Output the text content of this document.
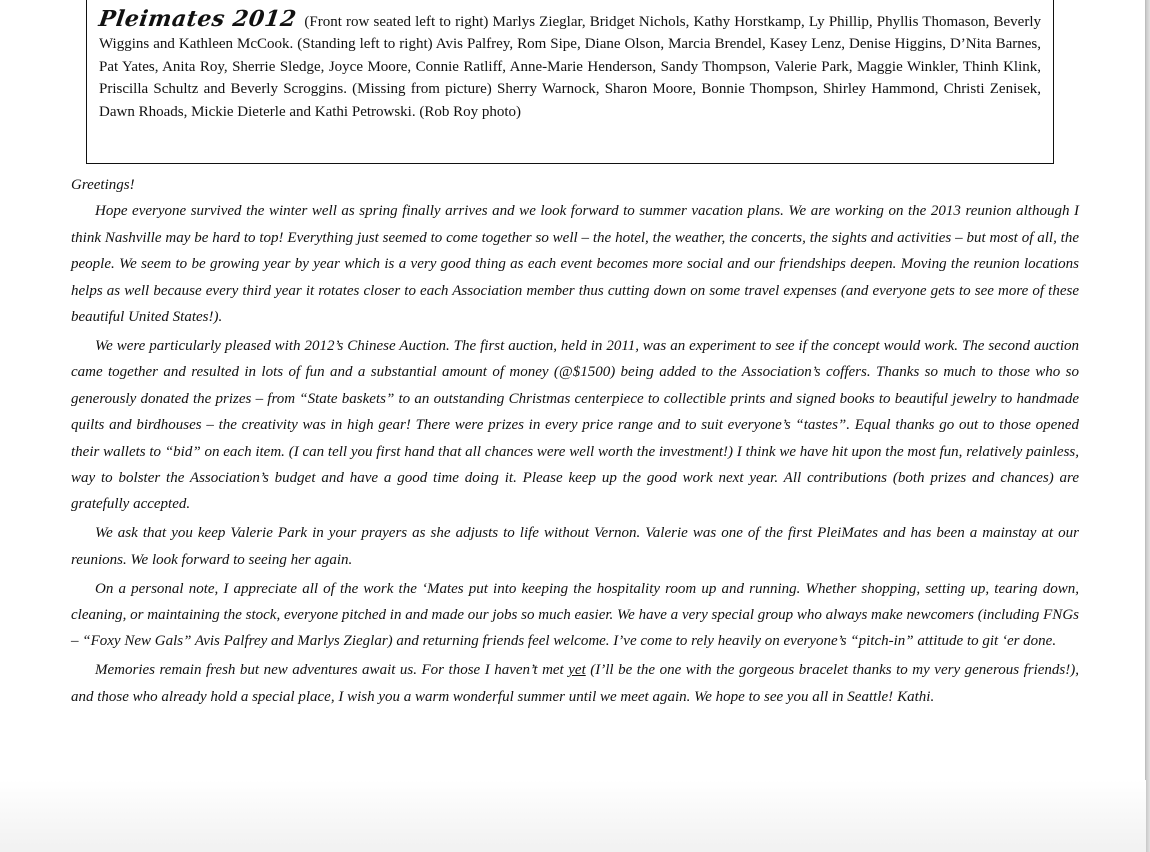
Pleimates 2012 (Front row seated left to right) Marlys Zieglar, Bridget Nichols, Kathy Horstkamp, Ly Phillip, Phyllis Thomason, Beverly Wiggins and Kathleen McCook. (Standing left to right) Avis Palfrey, Rom Sipe, Diane Olson, Marcia Brendel, Kasey Lenz, Denise Higgins, D’Nita Barnes, Pat Yates, Anita Roy, Sherrie Sledge, Joyce Moore, Connie Ratliff, Anne-Marie Henderson, Sandy Thompson, Valerie Park, Maggie Winkler, Thinh Klink, Priscilla Schultz and Beverly Scroggins. (Missing from picture) Sherry Warnock, Sharon Moore, Bonnie Thompson, Shirley Hammond, Christi Zenisek, Dawn Rhoads, Mickie Dieterle and Kathi Petrowski. (Rob Roy photo)

Greetings!

Hope everyone survived the winter well as spring finally arrives and we look forward to summer vacation plans. We are working on the 2013 reunion although I think Nashville may be hard to top! Everything just seemed to come together so well – the hotel, the weather, the concerts, the sights and activities – but most of all, the people. We seem to be growing year by year which is a very good thing as each event becomes more social and our friendships deepen. Moving the reunion locations helps as well because every third year it rotates closer to each Association member thus cutting down on some travel expenses (and everyone gets to see more of these beautiful United States!).

We were particularly pleased with 2012’s Chinese Auction. The first auction, held in 2011, was an experiment to see if the concept would work. The second auction came together and resulted in lots of fun and a substantial amount of money (@$1500) being added to the Association’s coffers. Thanks so much to those who so generously donated the prizes – from “State baskets” to an outstanding Christmas centerpiece to collectible prints and signed books to beautiful jewelry to handmade quilts and birdhouses – the creativity was in high gear! There were prizes in every price range and to suit everyone’s “tastes”. Equal thanks go out to those opened their wallets to “bid” on each item. (I can tell you first hand that all chances were well worth the investment!) I think we have hit upon the most fun, relatively painless, way to bolster the Association’s budget and have a good time doing it. Please keep up the good work next year. All contributions (both prizes and chances) are gratefully accepted.

We ask that you keep Valerie Park in your prayers as she adjusts to life without Vernon. Valerie was one of the first PleiMates and has been a mainstay at our reunions. We look forward to seeing her again.

On a personal note, I appreciate all of the work the ‘Mates put into keeping the hospitality room up and running. Whether shopping, setting up, tearing down, cleaning, or maintaining the stock, everyone pitched in and made our jobs so much easier. We have a very special group who always make newcomers (including FNGs – “Foxy New Gals” Avis Palfrey and Marlys Zieglar) and returning friends feel welcome. I’ve come to rely heavily on everyone’s “pitch-in” attitude to git ‘er done.

Memories remain fresh but new adventures await us. For those I haven’t met yet (I’ll be the one with the gorgeous bracelet thanks to my very generous friends!), and those who already hold a special place, I wish you a warm wonderful summer until we meet again. We hope to see you all in Seattle! Kathi.
